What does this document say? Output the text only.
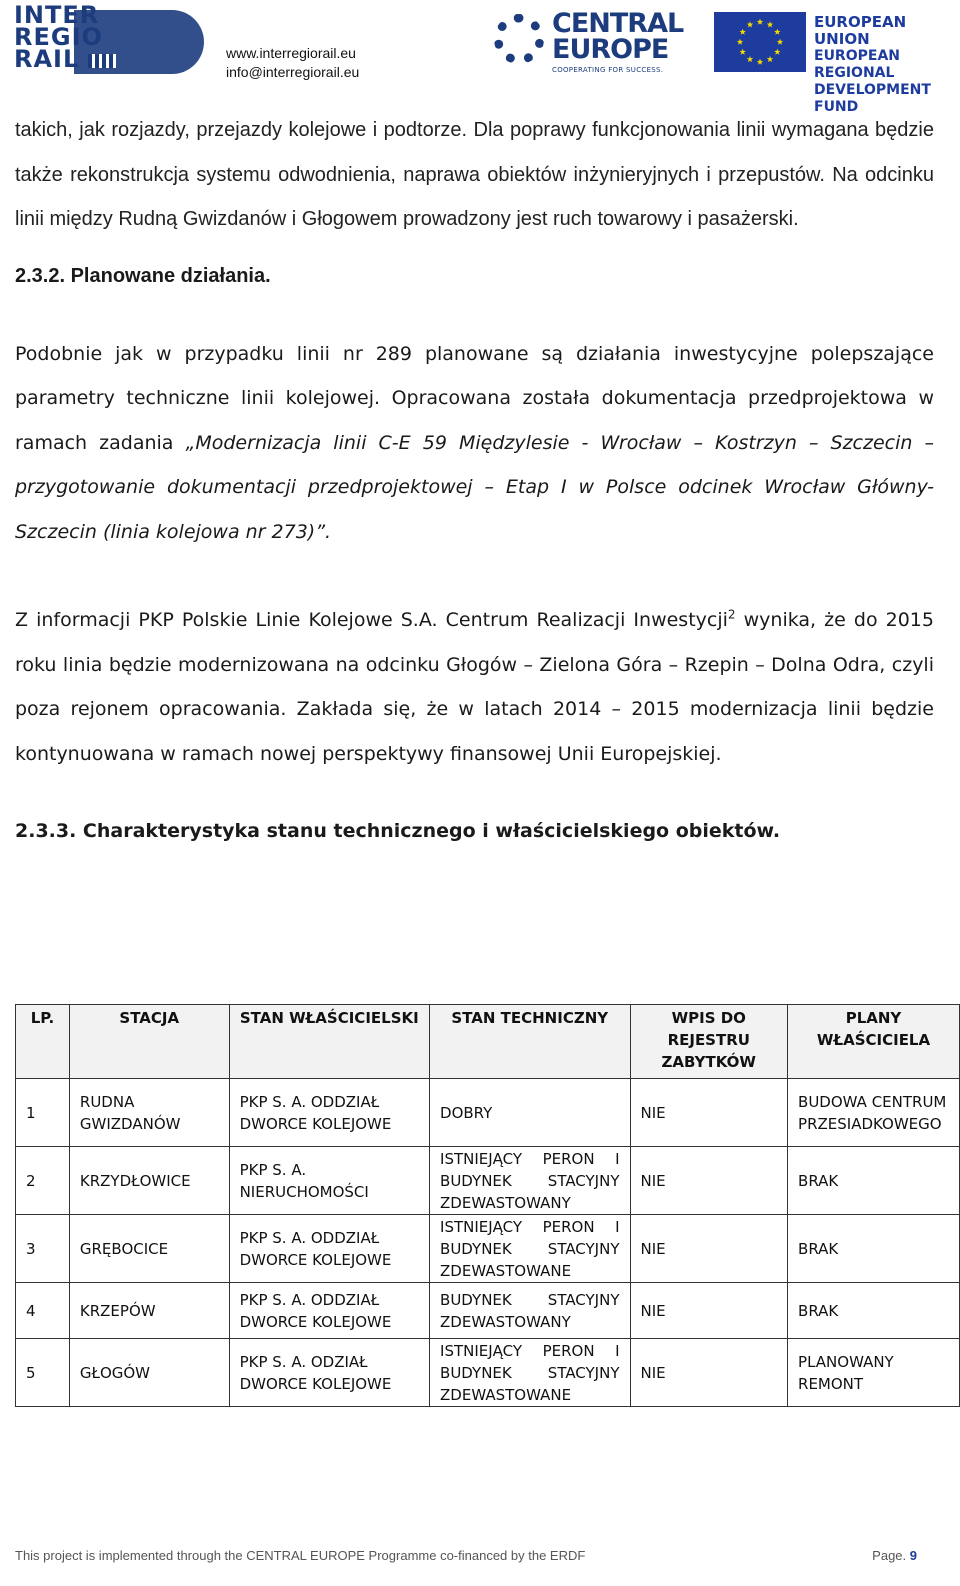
INTER
REGIO
RAIL	www.interregiorail.eu
info@interregiorail.eu
CENTRAL
EUROPE
COOPERATING FOR SUCCESS.
EUROPEAN UNION
EUROPEAN REGIONAL
DEVELOPMENT FUND

takich, jak rozjazdy, przejazdy kolejowe i podtorze. Dla poprawy funkcjonowania linii wymagana będzie także rekonstrukcja systemu odwodnienia, naprawa obiektów inżynieryjnych i przepustów. Na odcinku linii między Rudną Gwizdanów i Głogowem prowadzony jest ruch towarowy i pasażerski.

2.3.2. Planowane działania.

Podobnie jak w przypadku linii nr 289 planowane są działania inwestycyjne polepszające parametry techniczne linii kolejowej. Opracowana została dokumentacja przedprojektowa w ramach zadania „Modernizacja linii C-E 59 Międzylesie - Wrocław – Kostrzyn – Szczecin – przygotowanie dokumentacji przedprojektowej – Etap I w Polsce odcinek Wrocław Główny-Szczecin (linia kolejowa nr 273)”.

Z informacji PKP Polskie Linie Kolejowe S.A. Centrum Realizacji Inwestycji$^2$ wynika, że do 2015 roku linia będzie modernizowana na odcinku Głogów – Zielona Góra – Rzepin – Dolna Odra, czyli poza rejonem opracowania. Zakłada się, że w latach 2014 – 2015 modernizacja linii będzie kontynuowana w ramach nowej perspektywy finansowej Unii Europejskiej.

2.3.3. Charakterystyka stanu technicznego i właścicielskiego obiektów.

LP.	STACJA	STAN WŁAŚCICIELSKI	STAN TECHNICZNY	WPIS DO REJESTRU ZABYTKÓW	PLANY WŁAŚCICIELA
1	RUDNA GWIZDANÓW	PKP S. A. ODDZIAŁ DWORCE KOLEJOWE	DOBRY	NIE	BUDOWA CENTRUM PRZESIADKOWEGO
2	KRZYDŁOWICE	PKP S. A. NIERUCHOMOŚCI	ISTNIEJĄCY PERON I BUDYNEK STACYJNY ZDEWASTOWANY	NIE	BRAK
3	GRĘBOCICE	PKP S. A. ODDZIAŁ DWORCE KOLEJOWE	ISTNIEJĄCY PERON I BUDYNEK STACYJNY ZDEWASTOWANE	NIE	BRAK
4	KRZEPÓW	PKP S. A. ODDZIAŁ DWORCE KOLEJOWE	BUDYNEK STACYJNY ZDEWASTOWANY	NIE	BRAK
5	GŁOGÓW	PKP S. A. ODZIAŁ DWORCE KOLEJOWE	ISTNIEJĄCY PERON I BUDYNEK STACYJNY ZDEWASTOWANE	NIE	PLANOWANY REMONT
This project is implemented through the CENTRAL EUROPE Programme co-financed by the ERDF	Page. 9
